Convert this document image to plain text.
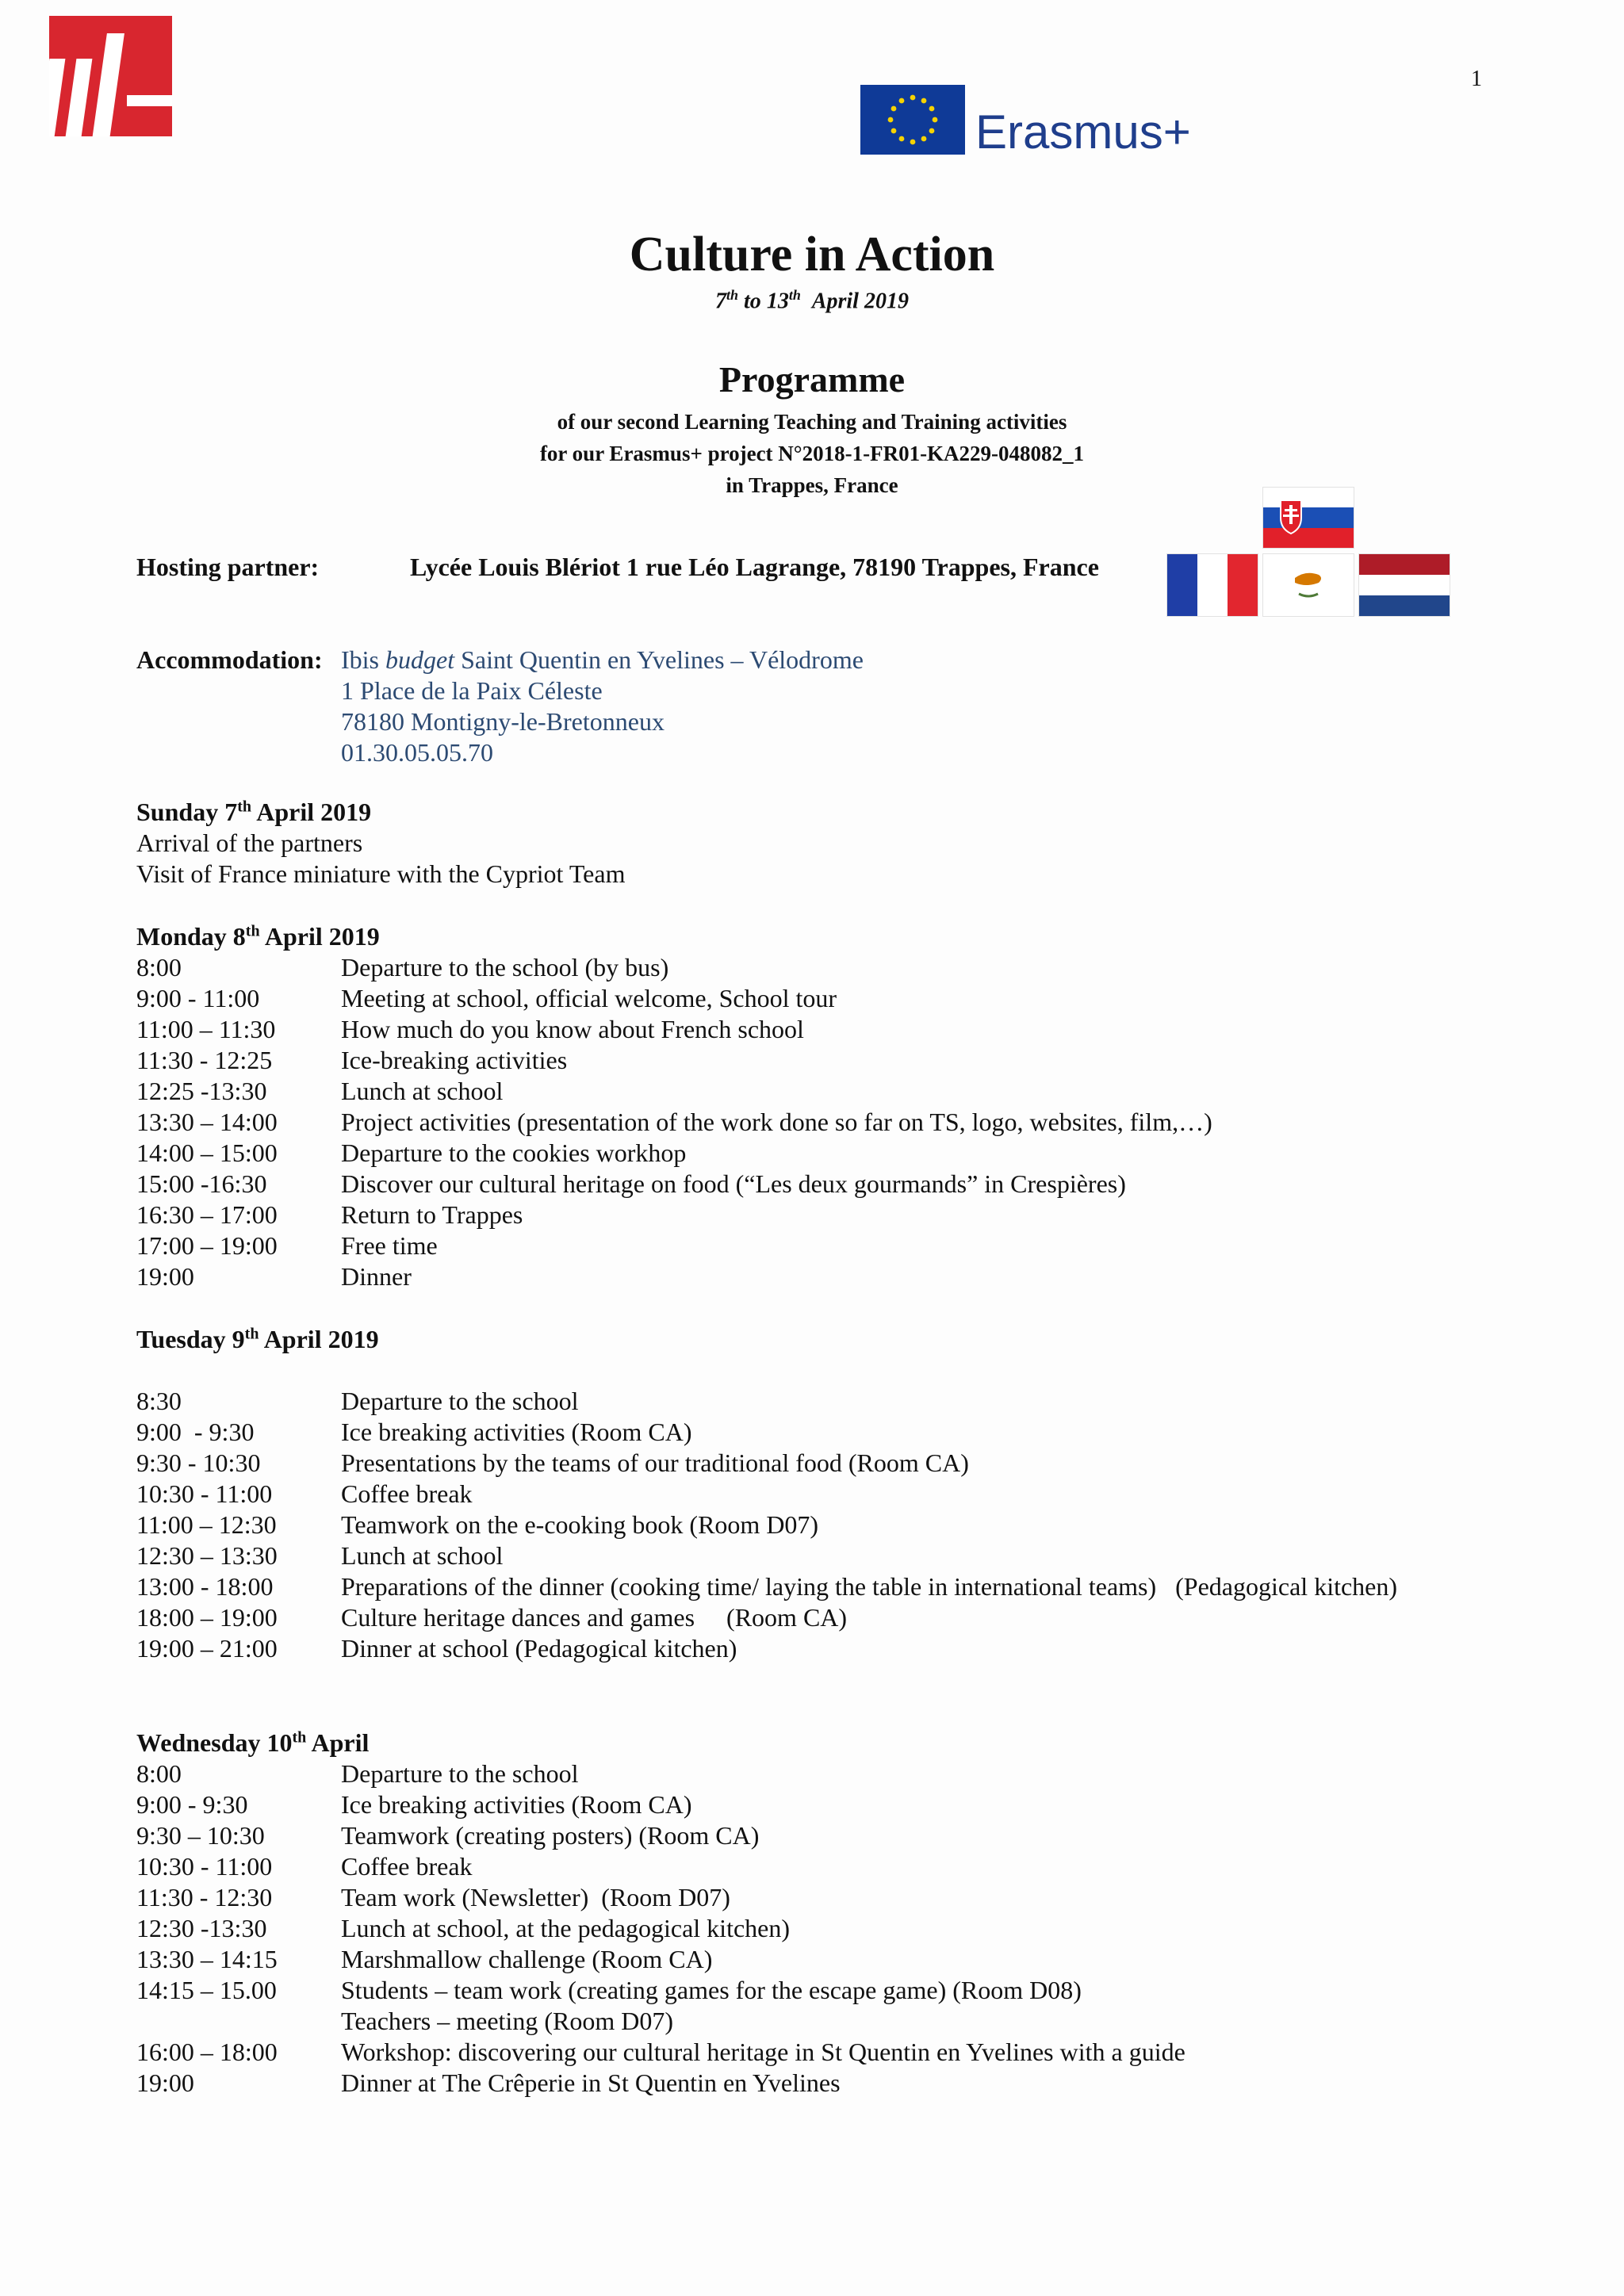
1
Erasmus+
Culture in Action
7th to 13th April 2019
Programme
of our second Learning Teaching and Training activities
for our Erasmus+ project N°2018-1-FR01-KA229-048082_1
in Trappes, France
Hosting partner:	Lycée Louis Blériot 1 rue Léo Lagrange, 78190 Trappes, France
Accommodation: Ibis budget Saint Quentin en Yvelines – Vélodrome
1 Place de la Paix Céleste
78180 Montigny-le-Bretonneux
01.30.05.05.70
Sunday 7th April 2019
Arrival of the partners
Visit of France miniature with the Cypriot Team
Monday 8th April 2019
8:00	Departure to the school (by bus)
9:00 - 11:00	Meeting at school, official welcome, School tour
11:00 – 11:30	How much do you know about French school
11:30 - 12:25	Ice-breaking activities
12:25 -13:30	Lunch at school
13:30 – 14:00	Project activities (presentation of the work done so far on TS, logo, websites, film,…)
14:00 – 15:00	Departure to the cookies workhop
15:00 -16:30	Discover our cultural heritage on food (“Les deux gourmands” in Crespières)
16:30 – 17:00	Return to Trappes
17:00 – 19:00	Free time
19:00	Dinner
Tuesday 9th April 2019
8:30	Departure to the school
9:00  - 9:30	Ice breaking activities (Room CA)
9:30 - 10:30	Presentations by the teams of our traditional food (Room CA)
10:30 - 11:00	Coffee break
11:00 – 12:30	Teamwork on the e-cooking book (Room D07)
12:30 – 13:30	Lunch at school
13:00 - 18:00	Preparations of the dinner (cooking time/ laying the table in international teams)   (Pedagogical kitchen)
18:00 – 19:00	Culture heritage dances and games     (Room CA)
19:00 – 21:00	Dinner at school (Pedagogical kitchen)
Wednesday 10th April
8:00	Departure to the school
9:00 - 9:30	Ice breaking activities (Room CA)
9:30 – 10:30	Teamwork (creating posters) (Room CA)
10:30 - 11:00	Coffee break
11:30 - 12:30	Team work (Newsletter)  (Room D07)
12:30 -13:30	Lunch at school, at the pedagogical kitchen)
13:30 – 14:15	Marshmallow challenge (Room CA)
14:15 – 15.00	Students – team work (creating games for the escape game) (Room D08)
Teachers – meeting (Room D07)
16:00 – 18:00	Workshop: discovering our cultural heritage in St Quentin en Yvelines with a guide
19:00	Dinner at The Crêperie in St Quentin en Yvelines
